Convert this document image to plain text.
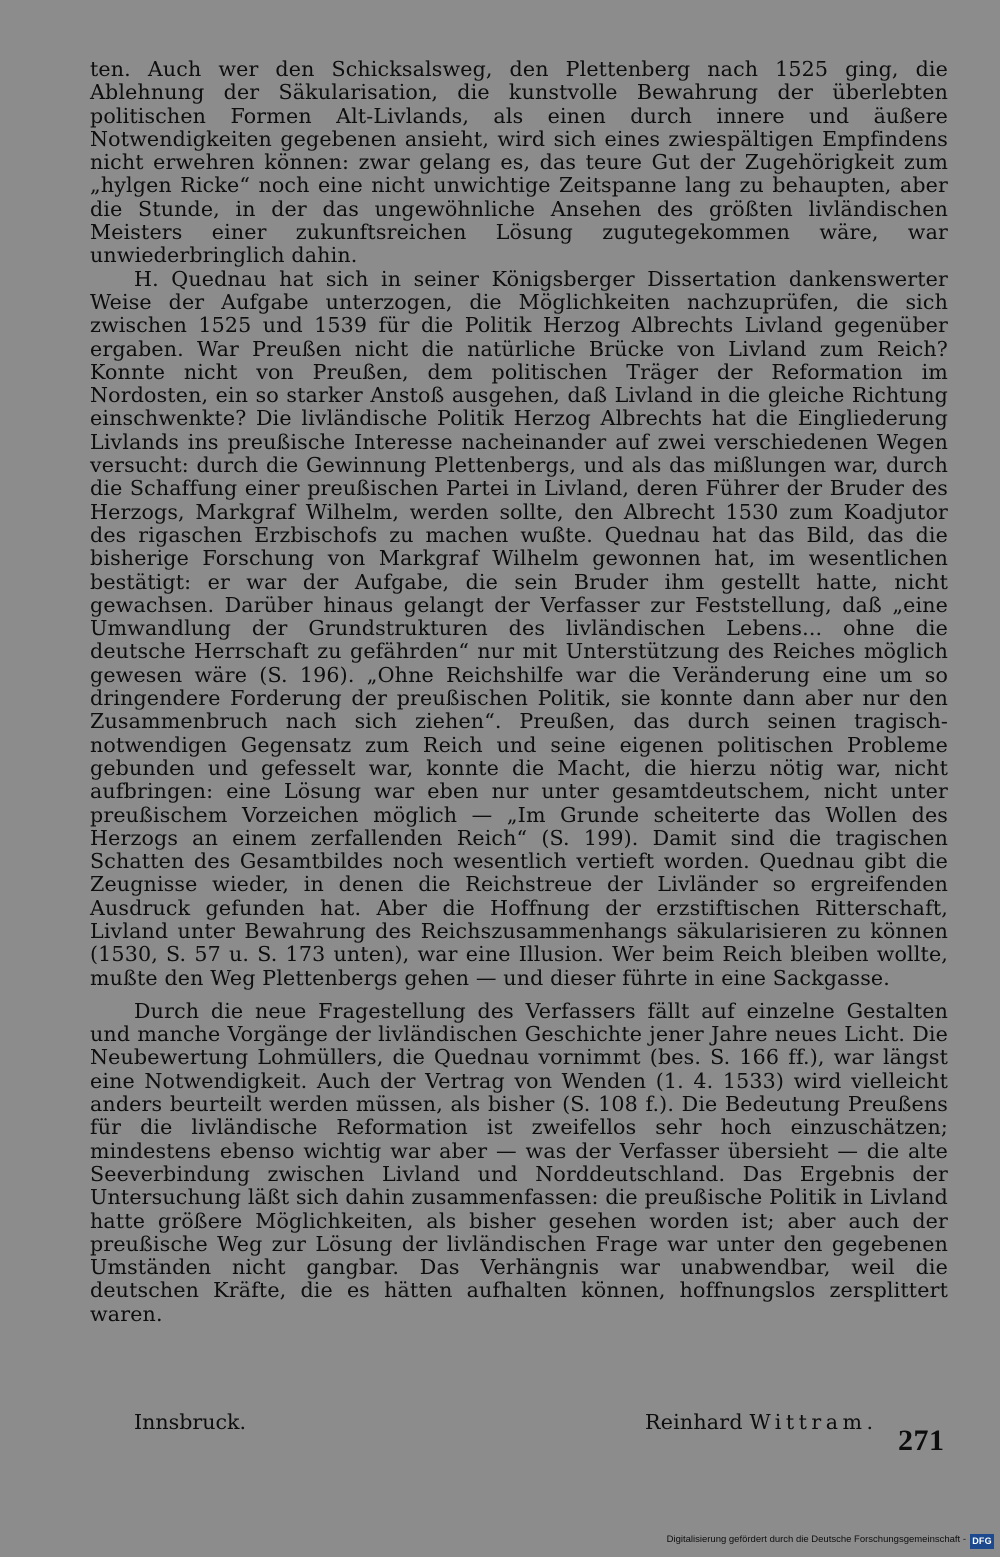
ten. Auch wer den Schicksalsweg, den Plettenberg nach 1525 ging, die Ablehnung der Säkularisation, die kunstvolle Bewahrung der überlebten politischen Formen Alt-Livlands, als einen durch innere und äußere Notwendigkeiten gegebenen ansieht, wird sich eines zwiespältigen Empfindens nicht erwehren können: zwar gelang es, das teure Gut der Zugehörigkeit zum „hylgen Ricke“ noch eine nicht unwichtige Zeitspanne lang zu behaupten, aber die Stunde, in der das ungewöhnliche Ansehen des größten livländischen Meisters einer zukunftsreichen Lösung zugutegekommen wäre, war unwiederbringlich dahin.

H. Quednau hat sich in seiner Königsberger Dissertation dankenswerter Weise der Aufgabe unterzogen, die Möglichkeiten nachzuprüfen, die sich zwischen 1525 und 1539 für die Politik Herzog Albrechts Livland gegenüber ergaben. War Preußen nicht die natürliche Brücke von Livland zum Reich? Konnte nicht von Preußen, dem politischen Träger der Reformation im Nordosten, ein so starker Anstoß ausgehen, daß Livland in die gleiche Richtung einschwenkte? Die livländische Politik Herzog Albrechts hat die Eingliederung Livlands ins preußische Interesse nacheinander auf zwei verschiedenen Wegen versucht: durch die Gewinnung Plettenbergs, und als das mißlungen war, durch die Schaffung einer preußischen Partei in Livland, deren Führer der Bruder des Herzogs, Markgraf Wilhelm, werden sollte, den Albrecht 1530 zum Koadjutor des rigaschen Erzbischofs zu machen wußte. Quednau hat das Bild, das die bisherige Forschung von Markgraf Wilhelm gewonnen hat, im wesentlichen bestätigt: er war der Aufgabe, die sein Bruder ihm gestellt hatte, nicht gewachsen. Darüber hinaus gelangt der Verfasser zur Feststellung, daß „eine Umwandlung der Grundstrukturen des livländischen Lebens... ohne die deutsche Herrschaft zu gefährden“ nur mit Unterstützung des Reiches möglich gewesen wäre (S. 196). „Ohne Reichshilfe war die Veränderung eine um so dringendere Forderung der preußischen Politik, sie konnte dann aber nur den Zusammenbruch nach sich ziehen“. Preußen, das durch seinen tragisch-notwendigen Gegensatz zum Reich und seine eigenen politischen Probleme gebunden und gefesselt war, konnte die Macht, die hierzu nötig war, nicht aufbringen: eine Lösung war eben nur unter gesamtdeutschem, nicht unter preußischem Vorzeichen möglich — „Im Grunde scheiterte das Wollen des Herzogs an einem zerfallenden Reich“ (S. 199). Damit sind die tragischen Schatten des Gesamtbildes noch wesentlich vertieft worden. Quednau gibt die Zeugnisse wieder, in denen die Reichstreue der Livländer so ergreifenden Ausdruck gefunden hat. Aber die Hoffnung der erzstiftischen Ritterschaft, Livland unter Bewahrung des Reichszusammenhangs säkularisieren zu können (1530, S. 57 u. S. 173 unten), war eine Illusion. Wer beim Reich bleiben wollte, mußte den Weg Plettenbergs gehen — und dieser führte in eine Sackgasse.

Durch die neue Fragestellung des Verfassers fällt auf einzelne Gestalten und manche Vorgänge der livländischen Geschichte jener Jahre neues Licht. Die Neubewertung Lohmüllers, die Quednau vornimmt (bes. S. 166 ff.), war längst eine Notwendigkeit. Auch der Vertrag von Wenden (1. 4. 1533) wird vielleicht anders beurteilt werden müssen, als bisher (S. 108 f.). Die Bedeutung Preußens für die livländische Reformation ist zweifellos sehr hoch einzuschätzen; mindestens ebenso wichtig war aber — was der Verfasser übersieht — die alte Seeverbindung zwischen Livland und Norddeutschland. Das Ergebnis der Untersuchung läßt sich dahin zusammenfassen: die preußische Politik in Livland hatte größere Möglichkeiten, als bisher gesehen worden ist; aber auch der preußische Weg zur Lösung der livländischen Frage war unter den gegebenen Umständen nicht gangbar. Das Verhängnis war unabwendbar, weil die deutschen Kräfte, die es hätten aufhalten können, hoffnungslos zersplittert waren.

Innsbruck.	Reinhard Wittram.
271
Digitalisierung gefördert durch die Deutsche Forschungsgemeinschaft - DFG
